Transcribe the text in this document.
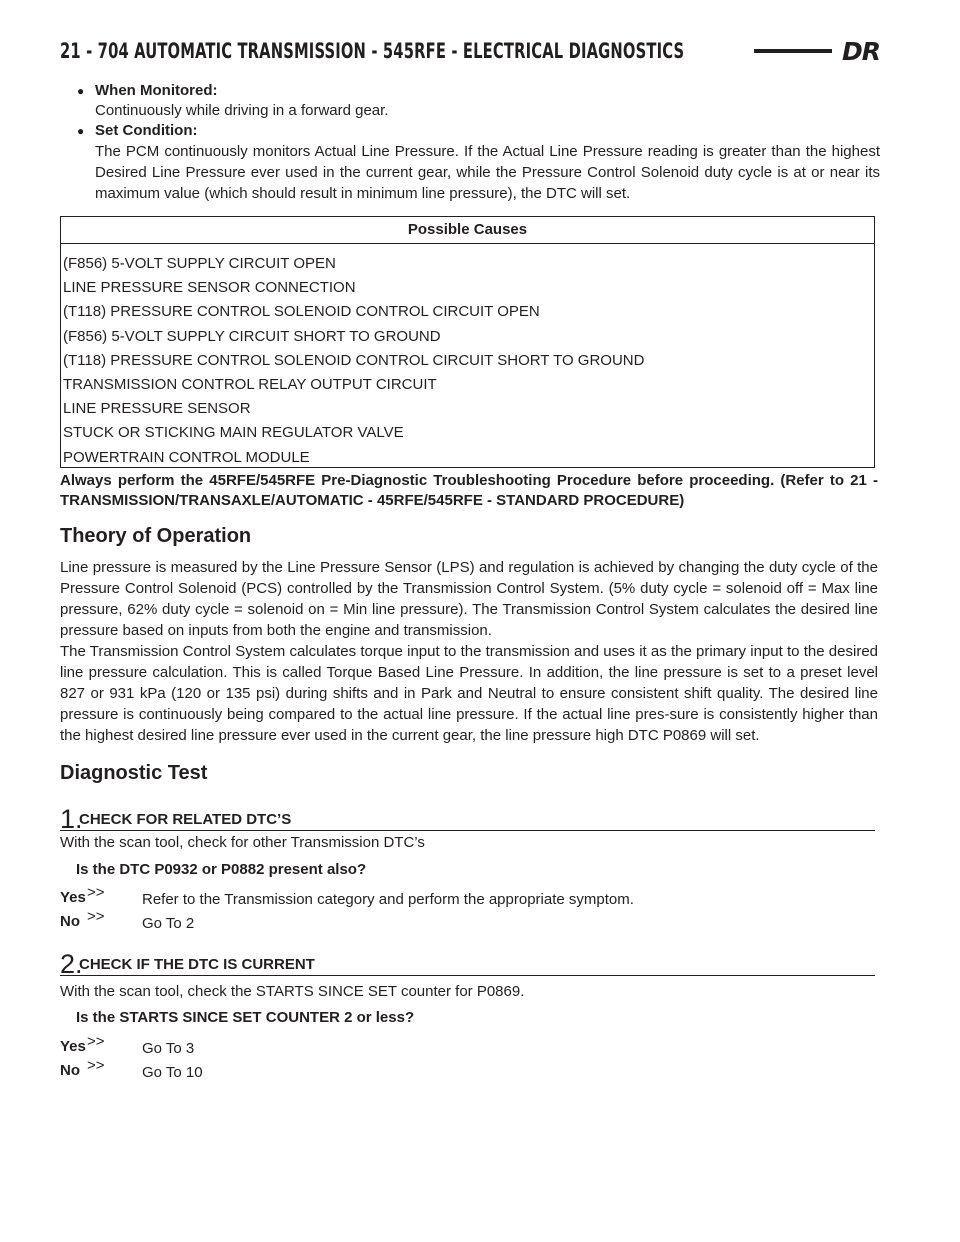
21 - 704 AUTOMATIC TRANSMISSION - 545RFE - ELECTRICAL DIAGNOSTICS	DR
● When Monitored:
Continuously while driving in a forward gear.
● Set Condition:
The PCM continuously monitors Actual Line Pressure. If the Actual Line Pressure reading is greater than the highest Desired Line Pressure ever used in the current gear, while the Pressure Control Solenoid duty cycle is at or near its maximum value (which should result in minimum line pressure), the DTC will set.
Possible Causes
(F856) 5-VOLT SUPPLY CIRCUIT OPEN
LINE PRESSURE SENSOR CONNECTION
(T118) PRESSURE CONTROL SOLENOID CONTROL CIRCUIT OPEN
(F856) 5-VOLT SUPPLY CIRCUIT SHORT TO GROUND
(T118) PRESSURE CONTROL SOLENOID CONTROL CIRCUIT SHORT TO GROUND
TRANSMISSION CONTROL RELAY OUTPUT CIRCUIT
LINE PRESSURE SENSOR
STUCK OR STICKING MAIN REGULATOR VALVE
POWERTRAIN CONTROL MODULE
Always perform the 45RFE/545RFE Pre-Diagnostic Troubleshooting Procedure before proceeding. (Refer to 21 - TRANSMISSION/TRANSAXLE/AUTOMATIC - 45RFE/545RFE - STANDARD PROCEDURE)
Theory of Operation
Line pressure is measured by the Line Pressure Sensor (LPS) and regulation is achieved by changing the duty cycle of the Pressure Control Solenoid (PCS) controlled by the Transmission Control System. (5% duty cycle = solenoid off = Max line pressure, 62% duty cycle = solenoid on = Min line pressure). The Transmission Control System calculates the desired line pressure based on inputs from both the engine and transmission.
The Transmission Control System calculates torque input to the transmission and uses it as the primary input to the desired line pressure calculation. This is called Torque Based Line Pressure. In addition, the line pressure is set to a preset level 827 or 931 kPa (120 or 135 psi) during shifts and in Park and Neutral to ensure consistent shift quality. The desired line pressure is continuously being compared to the actual line pressure. If the actual line pres-sure is consistently higher than the highest desired line pressure ever used in the current gear, the line pressure high DTC P0869 will set.
Diagnostic Test
1.
CHECK FOR RELATED DTC’S
With the scan tool, check for other Transmission DTC’s
Is the DTC P0932 or P0882 present also?
Yes >> Refer to the Transmission category and perform the appropriate symptom.
No >> Go To 2
2.
CHECK IF THE DTC IS CURRENT
With the scan tool, check the STARTS SINCE SET counter for P0869.
Is the STARTS SINCE SET COUNTER 2 or less?
Yes >> Go To 3
No >> Go To 10
